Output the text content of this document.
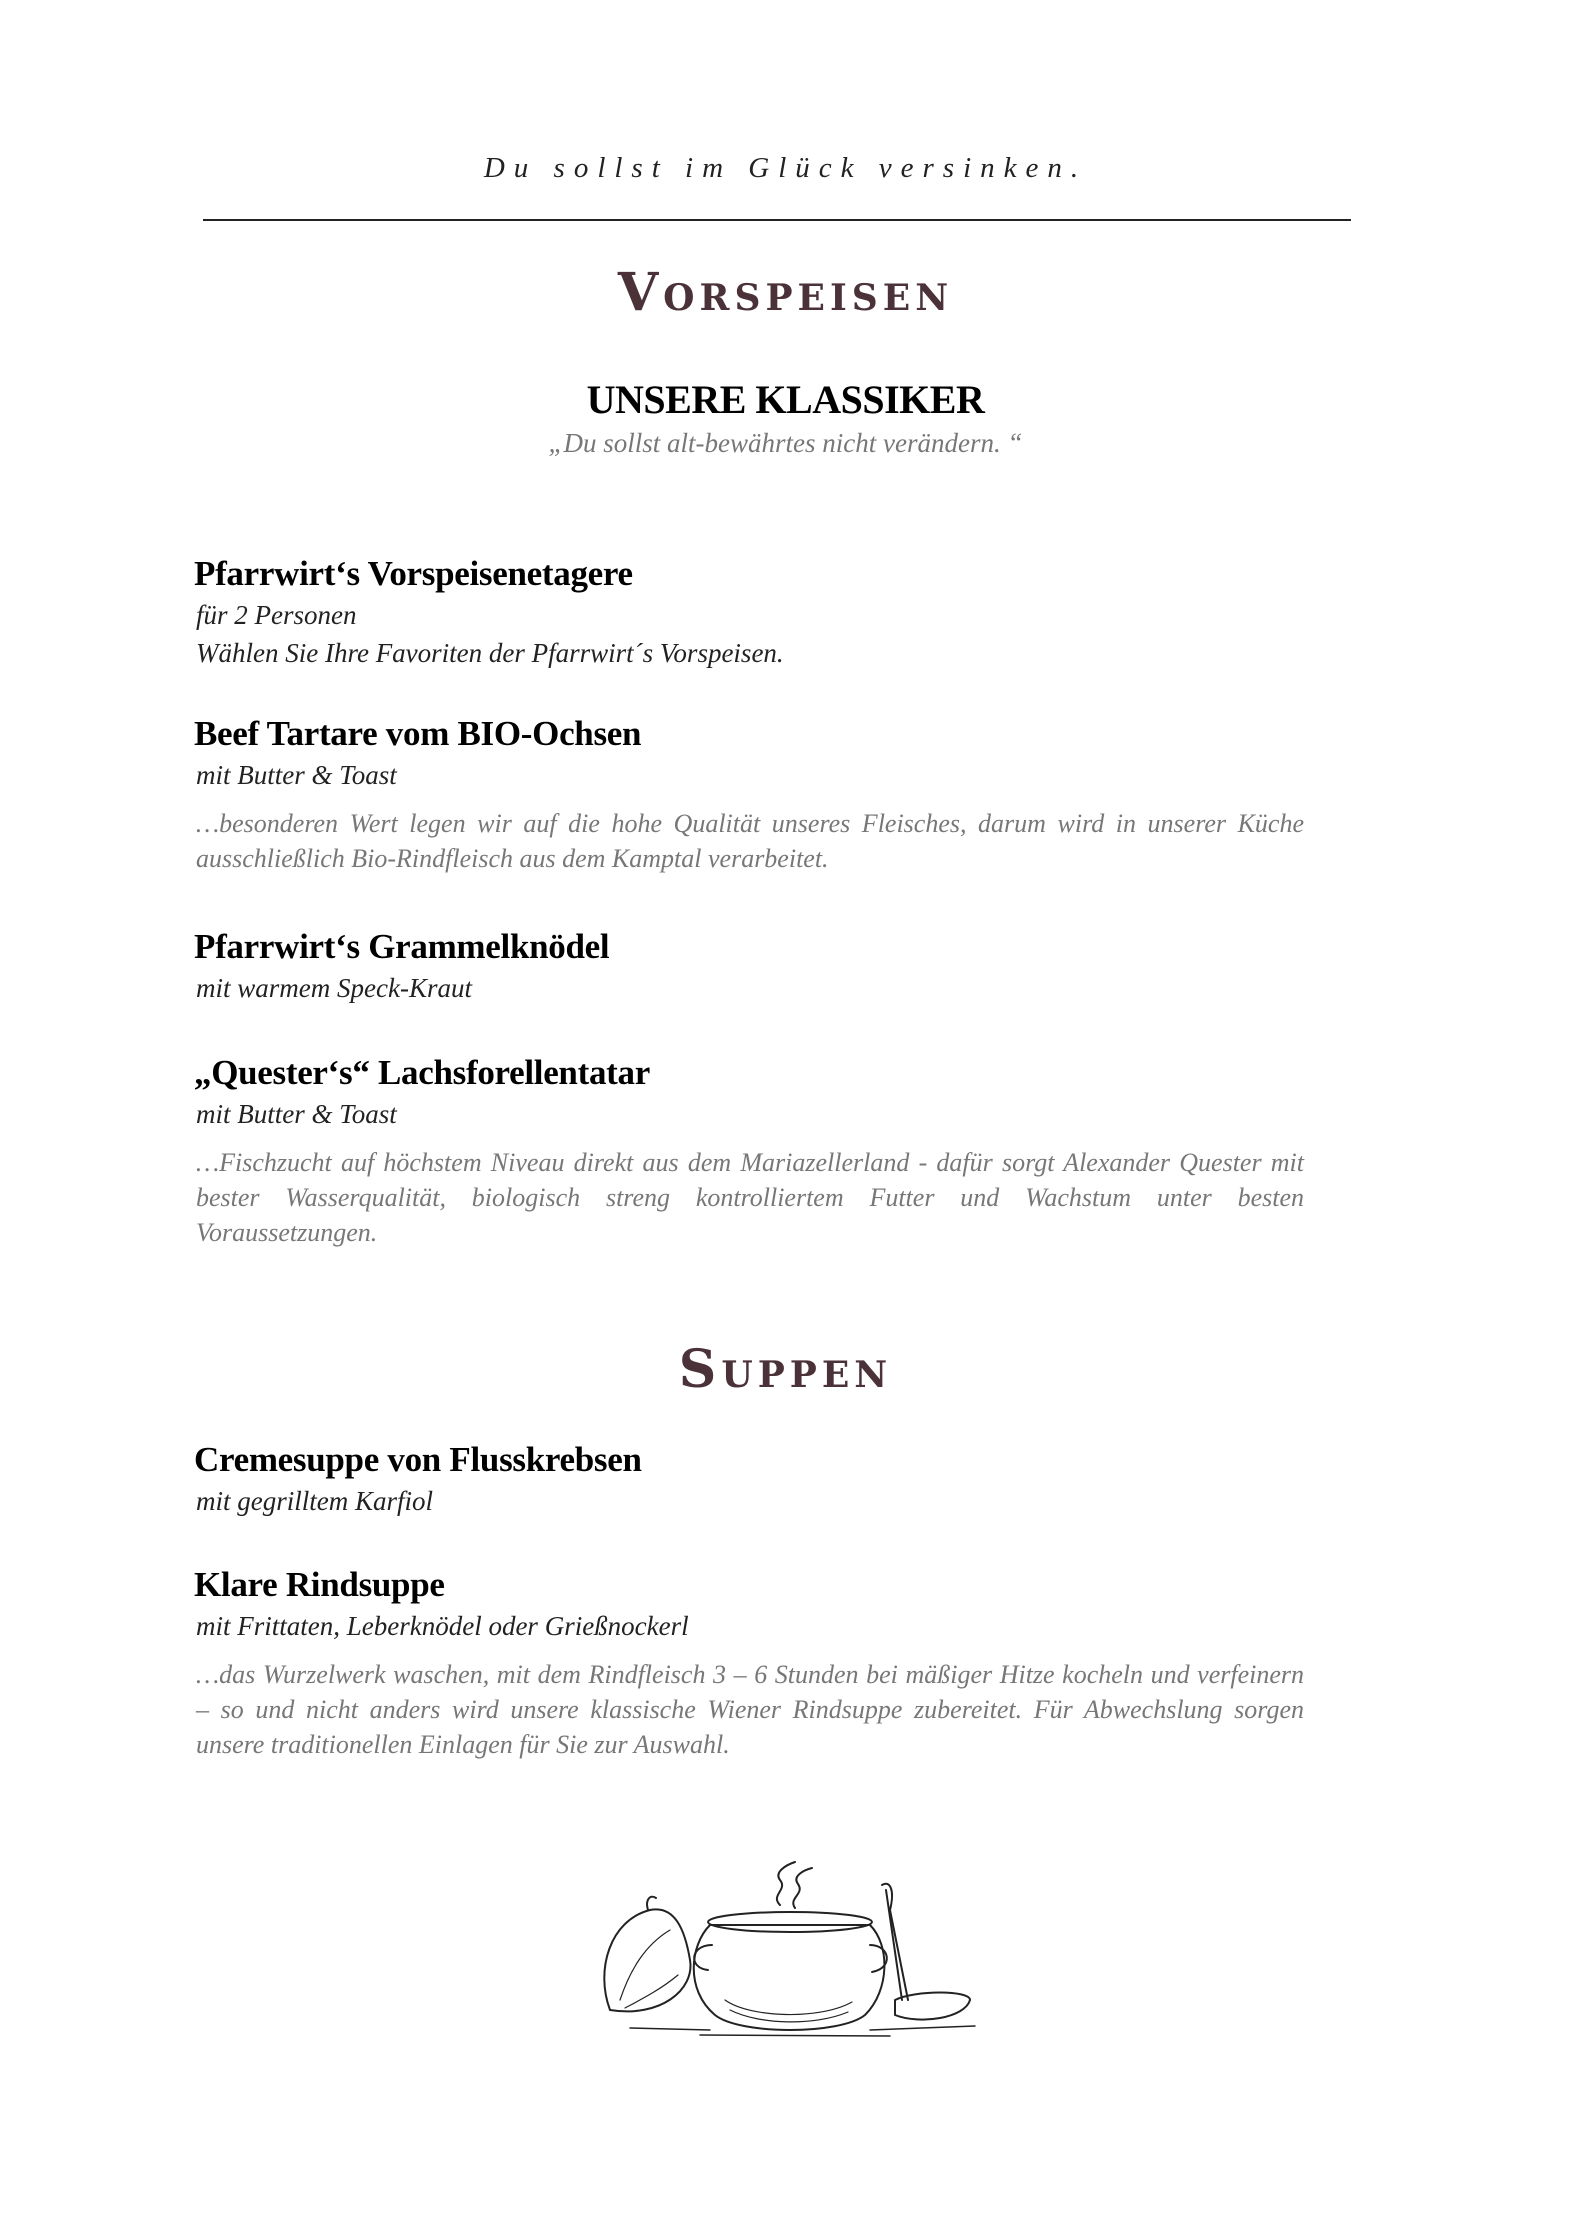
Du sollst im Glück versinken.
Vorspeisen
UNSERE KLASSIKER
„Du sollst alt-bewährtes nicht verändern. “
Pfarrwirt‘s Vorspeisenetagere
für 2 Personen
Wählen Sie Ihre Favoriten der Pfarrwirt´s Vorspeisen.
Beef Tartare vom BIO-Ochsen
mit Butter & Toast
…besonderen Wert legen wir auf die hohe Qualität unseres Fleisches, darum wird in unserer Küche ausschließlich Bio-Rindfleisch aus dem Kamptal verarbeitet.
Pfarrwirt‘s Grammelknödel
mit warmem Speck-Kraut
„Quester‘s“ Lachsforellentatar
mit Butter & Toast
…Fischzucht auf höchstem Niveau direkt aus dem Mariazellerland - dafür sorgt Alexander Quester mit bester Wasserqualität, biologisch streng kontrolliertem Futter und Wachstum unter besten Voraussetzungen.
Suppen
Cremesuppe von Flusskrebsen
mit gegrilltem Karfiol
Klare Rindsuppe
mit Frittaten, Leberknödel oder Grießnockerl
…das Wurzelwerk waschen, mit dem Rindfleisch 3 – 6 Stunden bei mäßiger Hitze kocheln und verfeinern – so und nicht anders wird unsere klassische Wiener Rindsuppe zubereitet. Für Abwechslung sorgen unsere traditionellen Einlagen für Sie zur Auswahl.
